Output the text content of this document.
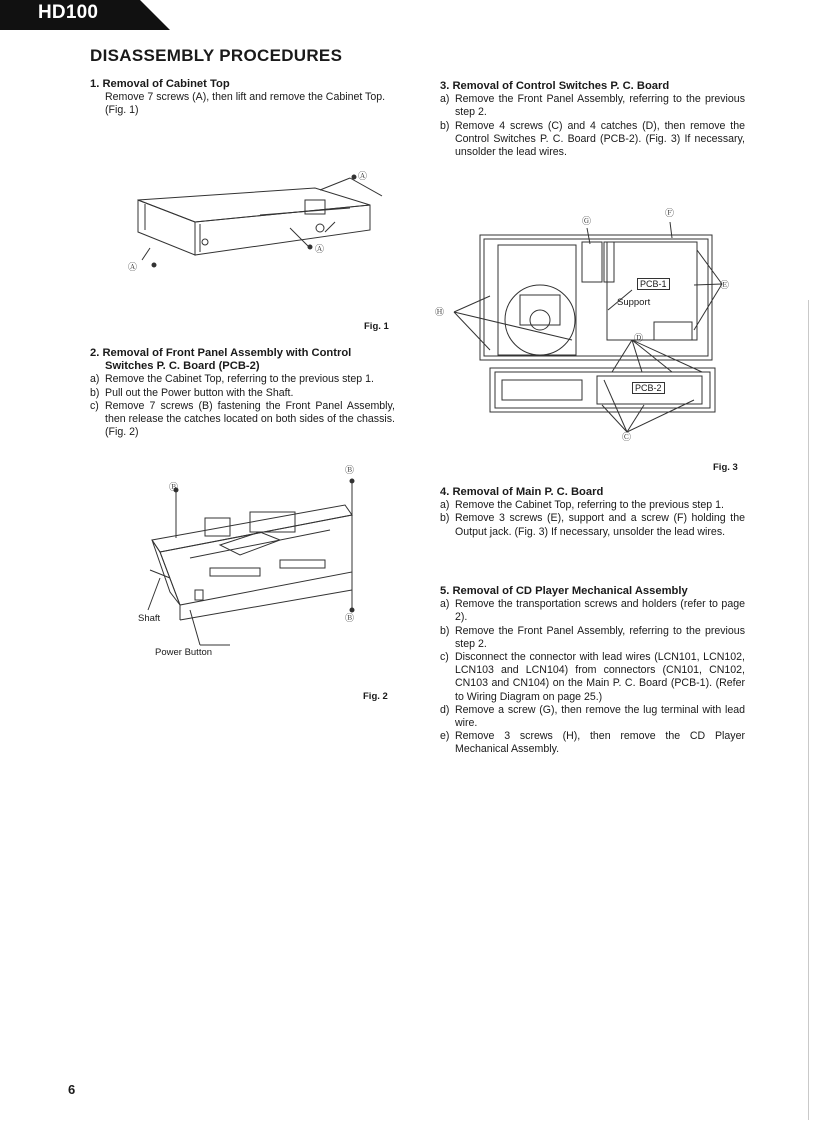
HD100
DISASSEMBLY PROCEDURES
1. Removal of Cabinet Top

Remove 7 screws (A), then lift and remove the Cabinet Top. (Fig. 1)

Ⓐ
Ⓐ
Ⓐ
Fig. 1
2. Removal of Front Panel Assembly with Control
Switches P. C. Board (PCB-2)
a) Remove the Cabinet Top, referring to the previous step 1.
b) Pull out the Power button with the Shaft.
c) Remove 7 screws (B) fastening the Front Panel Assembly, then release the catches located on both sides of the chassis. (Fig. 2)
Ⓑ
Ⓑ
Ⓑ
Shaft
Power Button
Fig. 2
3. Removal of Control Switches P. C. Board
a) Remove the Front Panel Assembly, referring to the previous step 2.
b) Remove 4 screws (C) and 4 catches (D), then remove the Control Switches P. C. Board (PCB-2). (Fig. 3) If necessary, unsolder the lead wires.
Ⓖ
Ⓕ
Ⓔ
Ⓗ
Ⓓ
Ⓒ
PCB-1
PCB-2
Support
Fig. 3
4. Removal of Main P. C. Board
a) Remove the Cabinet Top, referring to the previous step 1.
b) Remove 3 screws (E), support and a screw (F) holding the Output jack. (Fig. 3) If necessary, unsolder the lead wires.
5. Removal of CD Player Mechanical Assembly
a) Remove the transportation screws and holders (refer to page 2).
b) Remove the Front Panel Assembly, referring to the previous step 2.
c) Disconnect the connector with lead wires (LCN101, LCN102, LCN103 and LCN104) from connectors (CN101, CN102, CN103 and CN104) on the Main P. C. Board (PCB-1). (Refer to Wiring Diagram on page 25.)
d) Remove a screw (G), then remove the lug terminal with lead wire.
e) Remove 3 screws (H), then remove the CD Player Mechanical Assembly.
6
